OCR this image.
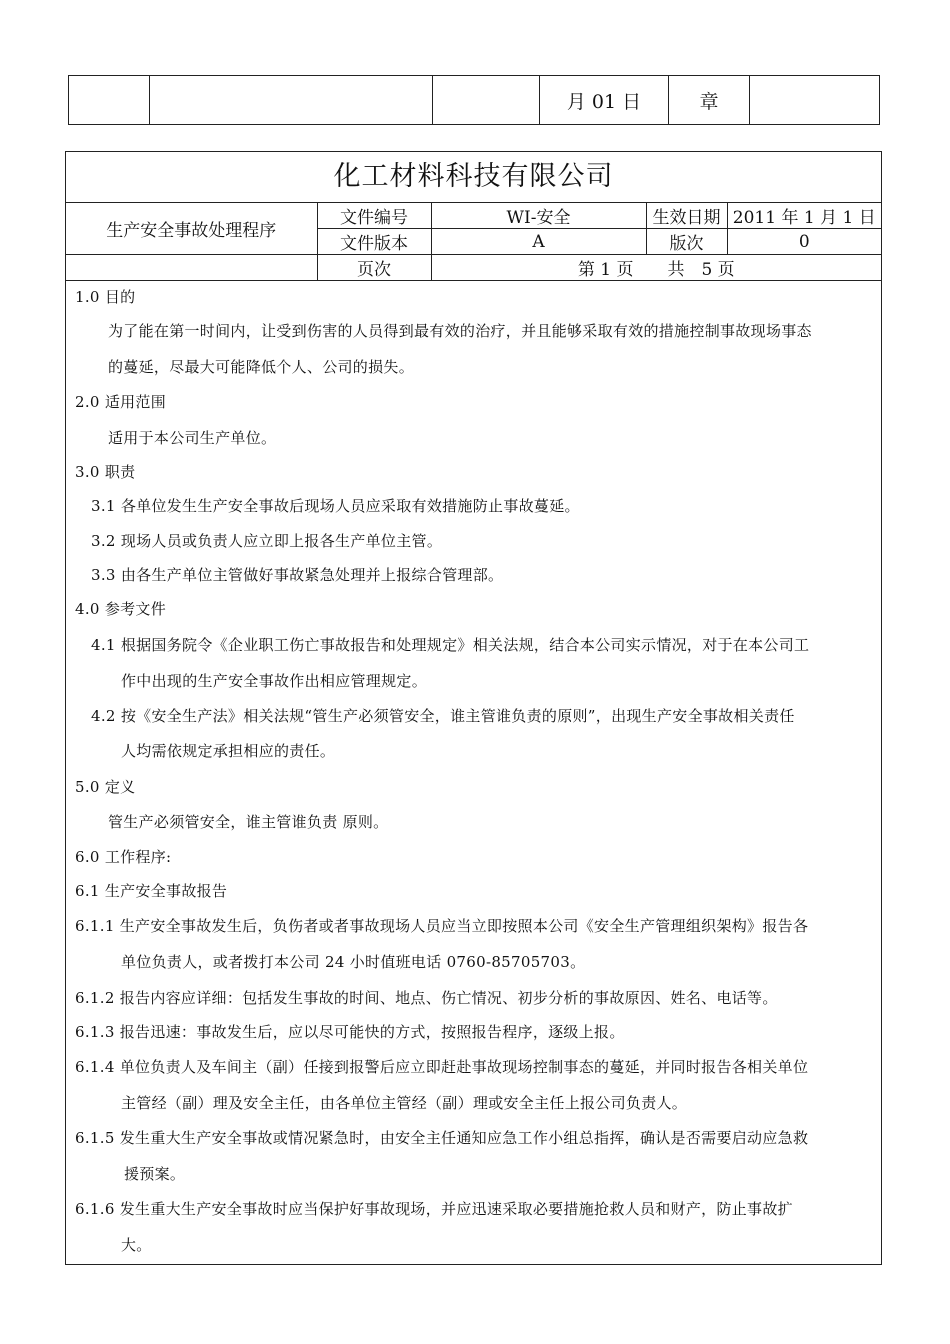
			月 01 日	章	
化工材料科技有限公司
生产安全事故处理程序	文件编号	WI-安全	生效日期	2011 年 1 月 1 日
	文件版本	A	版次	0
	页次	第 1 页　　共　5 页		
1.0 目的
为了能在第一时间内，让受到伤害的人员得到最有效的治疗，并且能够采取有效的措施控制事故现场事态
的蔓延，尽最大可能降低个人、公司的损失。
2.0 适用范围
适用于本公司生产单位。
3.0 职责
3.1 各单位发生生产安全事故后现场人员应采取有效措施防止事故蔓延。
3.2 现场人员或负责人应立即上报各生产单位主管。
3.3 由各生产单位主管做好事故紧急处理并上报综合管理部。
4.0 参考文件
4.1 根据国务院令《企业职工伤亡事故报告和处理规定》相关法规，结合本公司实示情况，对于在本公司工
作中出现的生产安全事故作出相应管理规定。
4.2 按《安全生产法》相关法规“管生产必须管安全，谁主管谁负责的原则”，出现生产安全事故相关责任
人均需依规定承担相应的责任。
5.0 定义
管生产必须管安全，谁主管谁负责 原则。
6.0 工作程序:
6.1 生产安全事故报告
6.1.1 生产安全事故发生后，负伤者或者事故现场人员应当立即按照本公司《安全生产管理组织架构》报告各
单位负责人，或者拨打本公司 24 小时值班电话 0760-85705703。
6.1.2 报告内容应详细：包括发生事故的时间、地点、伤亡情况、初步分析的事故原因、姓名、电话等。
6.1.3 报告迅速：事故发生后，应以尽可能快的方式，按照报告程序，逐级上报。
6.1.4 单位负责人及车间主（副）任接到报警后应立即赶赴事故现场控制事态的蔓延，并同时报告各相关单位
主管经（副）理及安全主任，由各单位主管经（副）理或安全主任上报公司负责人。
6.1.5 发生重大生产安全事故或情况紧急时，由安全主任通知应急工作小组总指挥，确认是否需要启动应急救
援预案。
6.1.6 发生重大生产安全事故时应当保护好事故现场，并应迅速采取必要措施抢救人员和财产，防止事故扩
大。
